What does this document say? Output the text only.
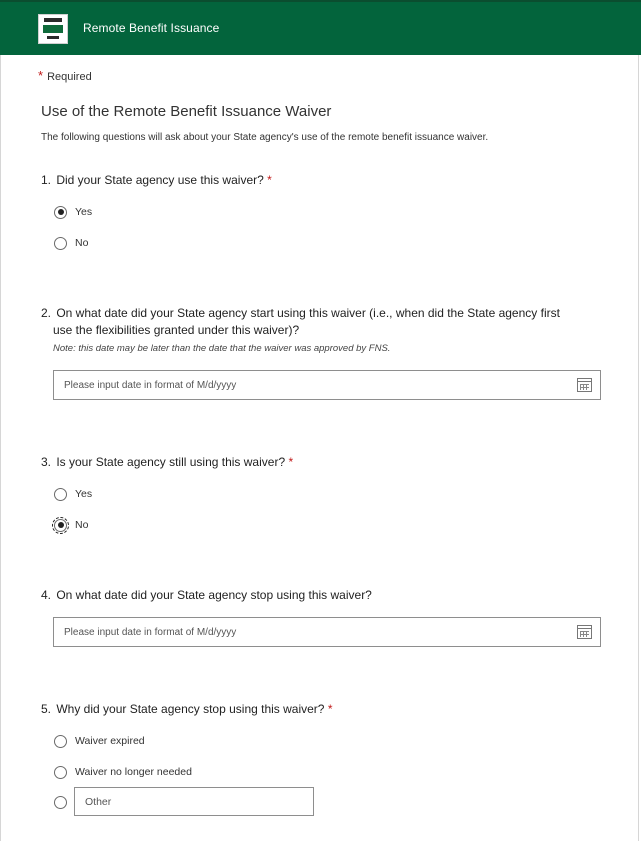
Remote Benefit Issuance
* Required
Use of the Remote Benefit Issuance Waiver
The following questions will ask about your State agency's use of the remote benefit issuance waiver.
1. Did your State agency use this waiver? *
Yes
No
2. On what date did your State agency start using this waiver (i.e., when did the State agency first
use the flexibilities granted under this waiver)?
Note: this date may be later than the date that the waiver was approved by FNS.
Please input date in format of M/d/yyyy
3. Is your State agency still using this waiver? *
Yes
No
4. On what date did your State agency stop using this waiver?
Please input date in format of M/d/yyyy
5. Why did your State agency stop using this waiver? *
Waiver expired
Waiver no longer needed
Other
